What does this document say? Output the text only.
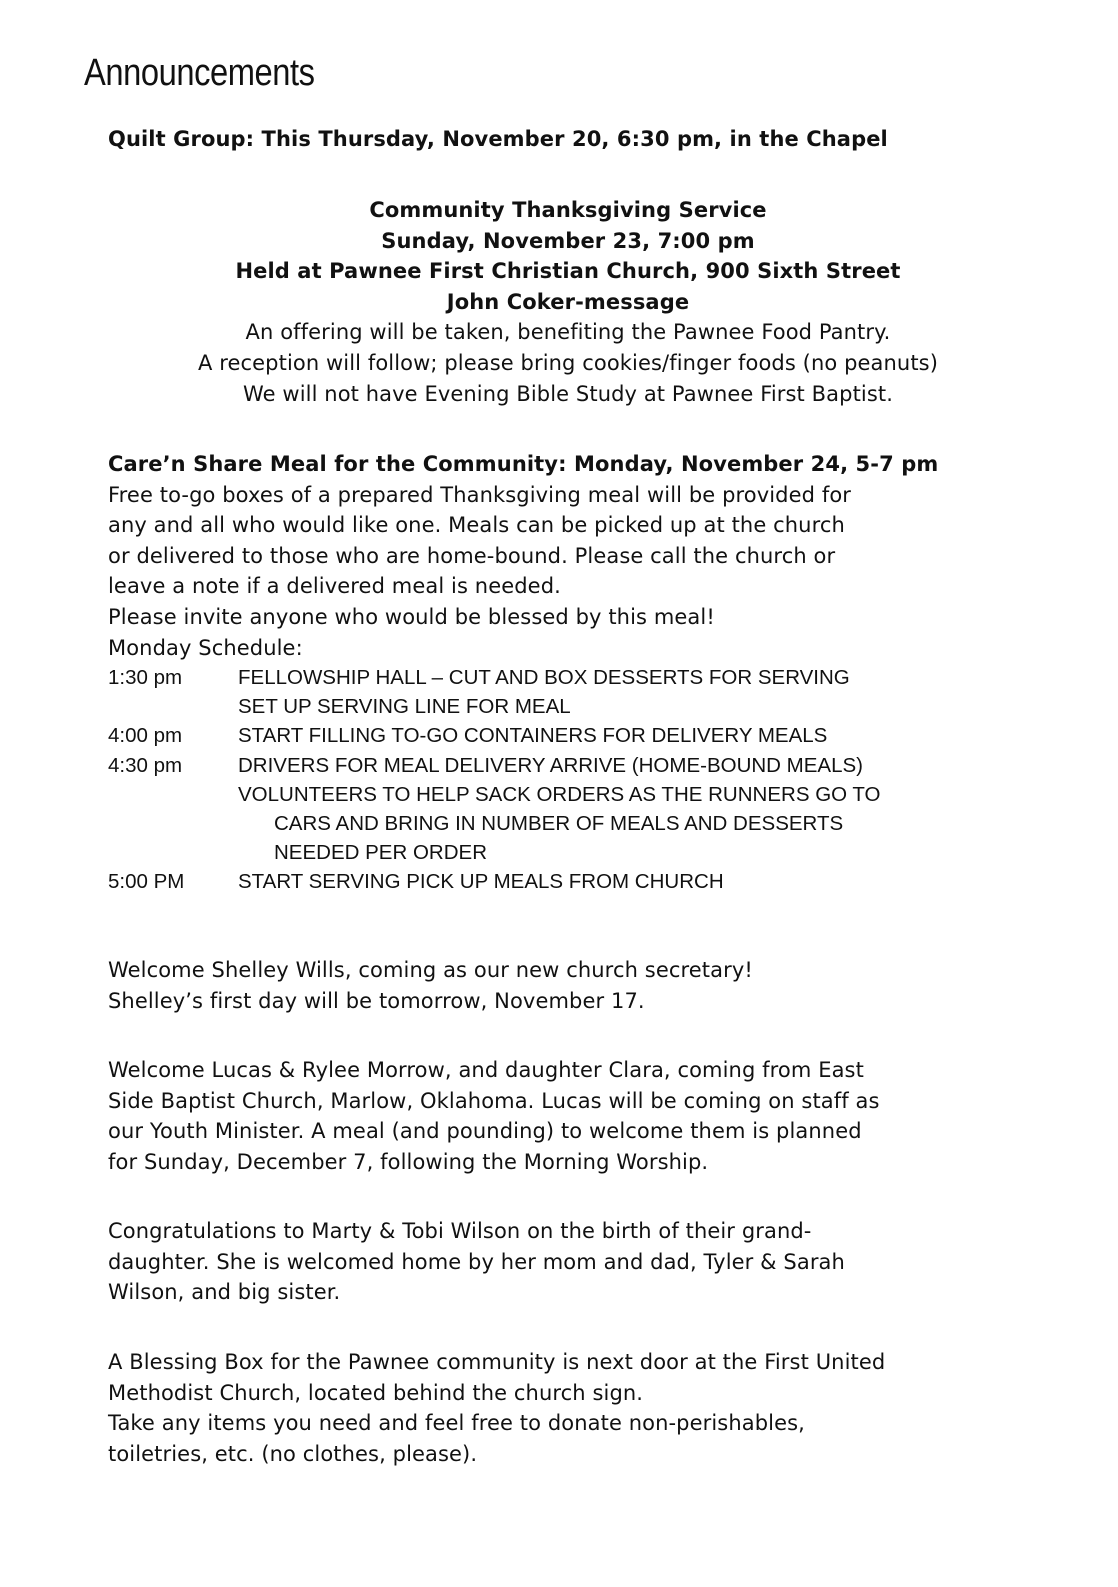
Announcements
Quilt Group: This Thursday, November 20, 6:30 pm, in the Chapel
Community Thanksgiving Service
Sunday, November 23, 7:00 pm
Held at Pawnee First Christian Church, 900 Sixth Street
John Coker-message
An offering will be taken, benefiting the Pawnee Food Pantry.
A reception will follow; please bring cookies/finger foods (no peanuts)
We will not have Evening Bible Study at Pawnee First Baptist.
Care’n Share Meal for the Community: Monday, November 24, 5-7 pm
Free to-go boxes of a prepared Thanksgiving meal will be provided for
any and all who would like one. Meals can be picked up at the church
or delivered to those who are home-bound. Please call the church or
leave a note if a delivered meal is needed.
Please invite anyone who would be blessed by this meal!
Monday Schedule:
1:30 pm	FELLOWSHIP HALL – CUT AND BOX DESSERTS FOR SERVING
SET UP SERVING LINE FOR MEAL
4:00 pm	START FILLING TO-GO CONTAINERS FOR DELIVERY MEALS
4:30 pm	DRIVERS FOR MEAL DELIVERY ARRIVE (HOME-BOUND MEALS)
VOLUNTEERS TO HELP SACK ORDERS AS THE RUNNERS GO TO
CARS AND BRING IN NUMBER OF MEALS AND DESSERTS
NEEDED PER ORDER
5:00 PM	START SERVING PICK UP MEALS FROM CHURCH
Welcome Shelley Wills, coming as our new church secretary!
Shelley’s first day will be tomorrow, November 17.
Welcome Lucas & Rylee Morrow, and daughter Clara, coming from East
Side Baptist Church, Marlow, Oklahoma. Lucas will be coming on staff as
our Youth Minister. A meal (and pounding) to welcome them is planned
for Sunday, December 7, following the Morning Worship.
Congratulations to Marty & Tobi Wilson on the birth of their grand-
daughter. She is welcomed home by her mom and dad, Tyler & Sarah
Wilson, and big sister.
A Blessing Box for the Pawnee community is next door at the First United
Methodist Church, located behind the church sign.
Take any items you need and feel free to donate non-perishables,
toiletries, etc. (no clothes, please).
